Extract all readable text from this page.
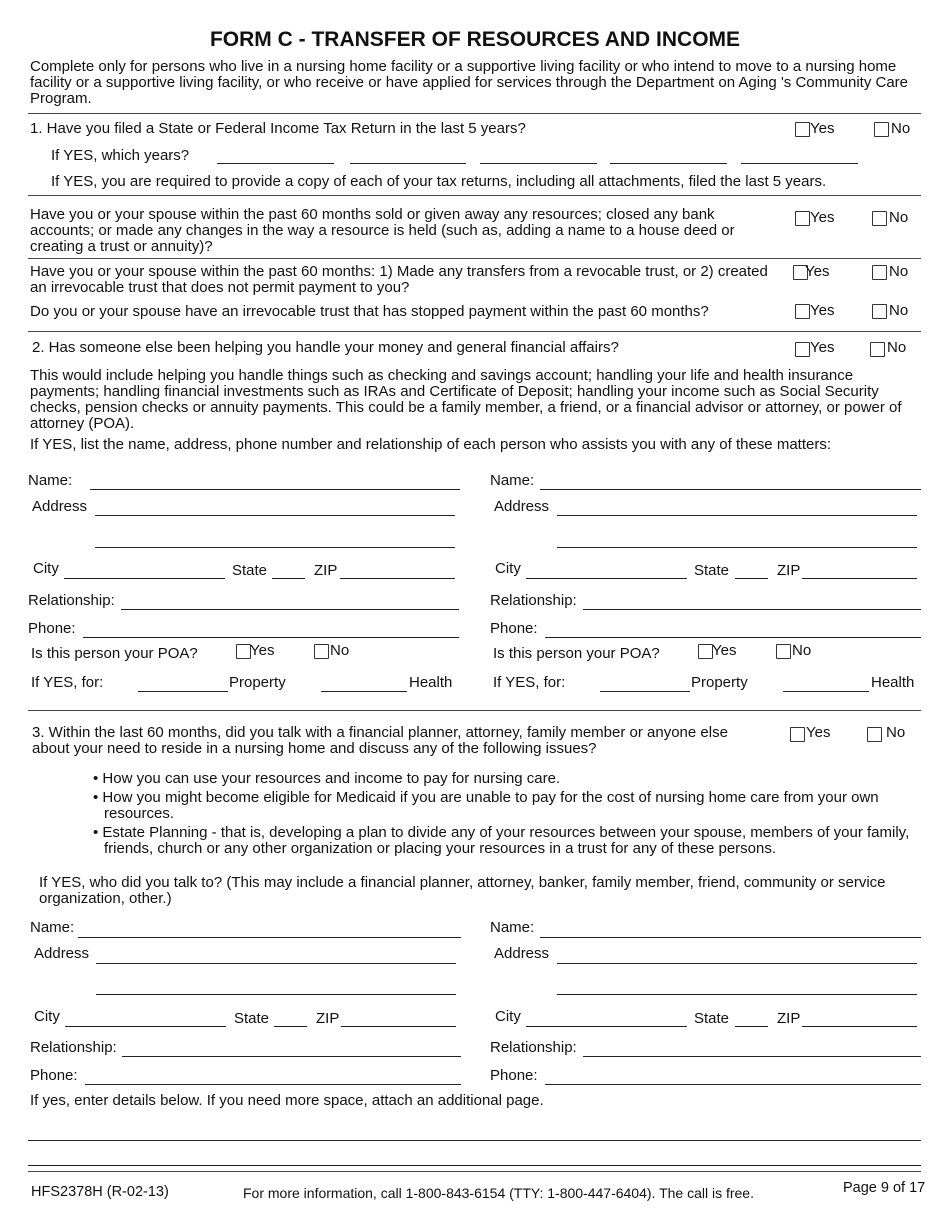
FORM C - TRANSFER OF RESOURCES AND INCOME
Complete only for persons who live in a nursing home facility or a supportive living facility or who intend to move to a nursing home facility or a supportive living facility, or who receive or have applied for services through the Department on Aging 's Community Care Program.
1. Have you filed a State or Federal Income Tax Return in the last 5 years?	Yes	No
If YES, which years?
If YES, you are required to provide a copy of each of your tax returns, including all attachments, filed the last 5 years.
Have you or your spouse within the past 60 months sold or given away any resources; closed any bank accounts; or made any changes in the way a resource is held (such as, adding a name to a house deed or creating a trust or annuity)?
Yes	No
Have you or your spouse within the past 60 months: 1) Made any transfers from a revocable trust, or 2) created an irrevocable trust that does not permit payment to you?
Yes	No
Do you or your spouse have an irrevocable trust that has stopped payment within the past 60 months?	Yes	No
2. Has someone else been helping you handle your money and general financial affairs?	Yes	No
This would include helping you handle things such as checking and savings account; handling your life and health insurance payments; handling financial investments such as IRAs and Certificate of Deposit; handling your income such as Social Security checks, pension checks or annuity payments. This could be a family member, a friend, or a financial advisor or attorney, or power of attorney (POA).
If YES, list the name, address, phone number and relationship of each person who assists you with any of these matters:
Name:
Address
City	State	ZIP
Relationship:
Phone:
Is this person your POA?	Yes	No
If YES, for:	Property	Health
Name:
Address
City	State	ZIP
Relationship:
Phone:
Is this person your POA?	Yes	No
If YES, for:	Property	Health
3. Within the last 60 months, did you talk with a financial planner, attorney, family member or anyone else about your need to reside in a nursing home and discuss any of the following issues?
Yes	No
• How you can use your resources and income to pay for nursing care.
• How you might become eligible for Medicaid if you are unable to pay for the cost of nursing home care from your own resources.
• Estate Planning - that is, developing a plan to divide any of your resources between your spouse, members of your family, friends, church or any other organization or placing your resources in a trust for any of these persons.
If YES, who did you talk to? (This may include a financial planner, attorney, banker, family member, friend, community or service organization, other.)
Name:
Address
City	State	ZIP
Relationship:
Phone:
Name:
Address
City	State	ZIP
Relationship:
Phone:
If yes, enter details below. If you need more space, attach an additional page.
HFS2378H (R-02-13)	For more information, call 1-800-843-6154 (TTY: 1-800-447-6404). The call is free.	Page 9 of 17
